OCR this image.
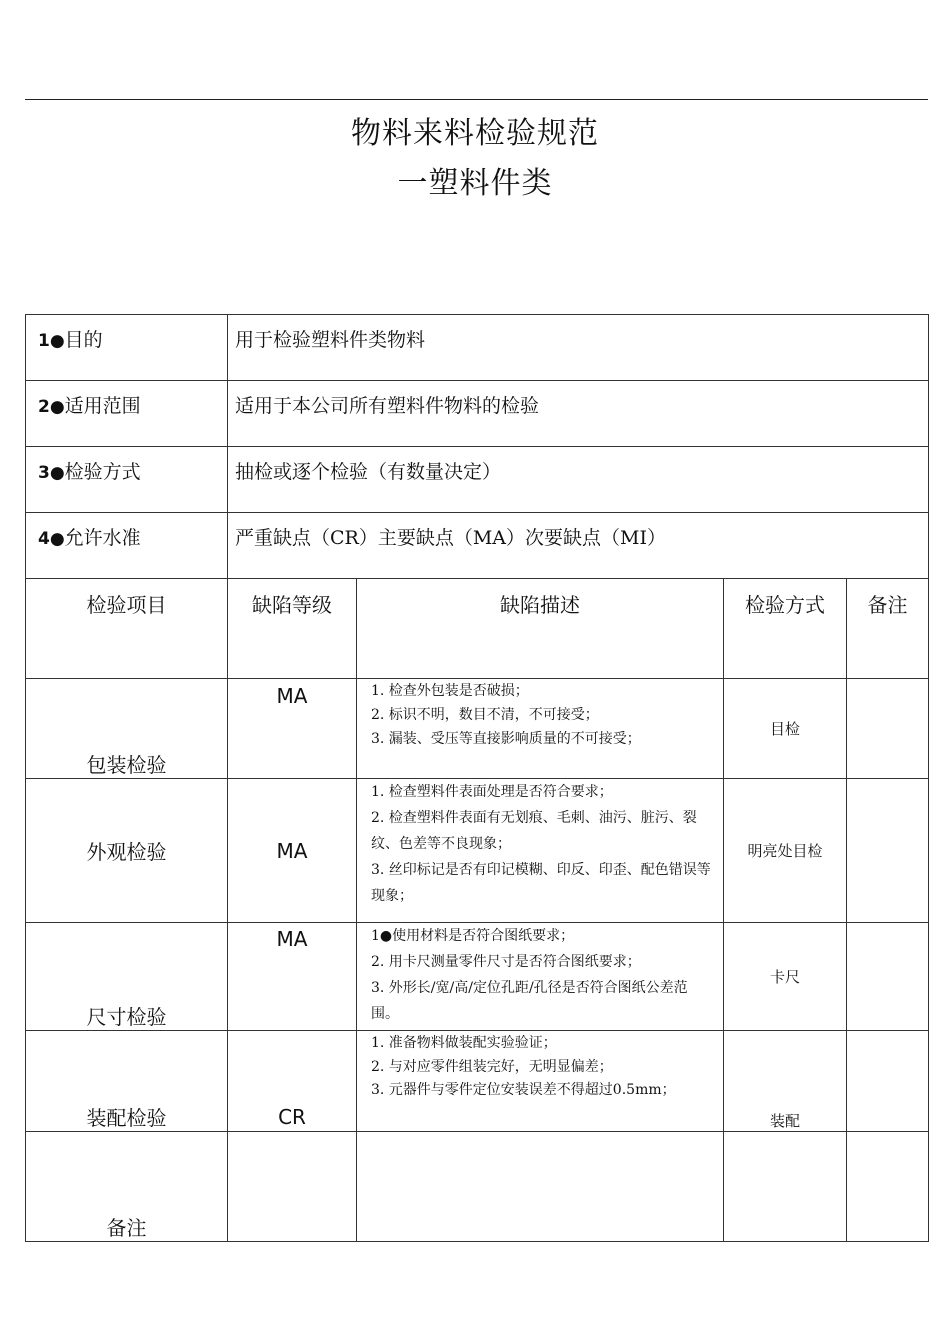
物料来料检验规范
一塑料件类
1●目的	用于检验塑料件类物料			
2●适用范围	适用于本公司所有塑料件物料的检验			
3●检验方式	抽检或逐个检验（有数量决定）			
4●允许水准	严重缺点（CR）主要缺点（MA）次要缺点（MI）			
检验项目	缺陷等级	缺陷描述	检验方式	备注

包装检验	MA	1. 检查外包装是否破损；
2. 标识不明，数目不清，不可接受；
3. 漏装、受压等直接影响质量的不可接受；	目检	
外观检验	MA	1. 检查塑料件表面处理是否符合要求；
2. 检查塑料件表面有无划痕、毛刺、油污、脏污、裂纹、色差等不良现象；
3. 丝印标记是否有印记模糊、印反、印歪、配色错误等现象；	明亮处目检	

尺寸检验	MA	1●使用材料是否符合图纸要求；
2. 用卡尺测量零件尺寸是否符合图纸要求；
3. 外形长/宽/高/定位孔距/孔径是否符合图纸公差范围。	卡尺	

装配检验	CR	1. 准备物料做装配实验验证；
2. 与对应零件组装完好，无明显偏差；
3. 元器件与零件定位安装误差不得超过0.5mm；	装配	

备注				
